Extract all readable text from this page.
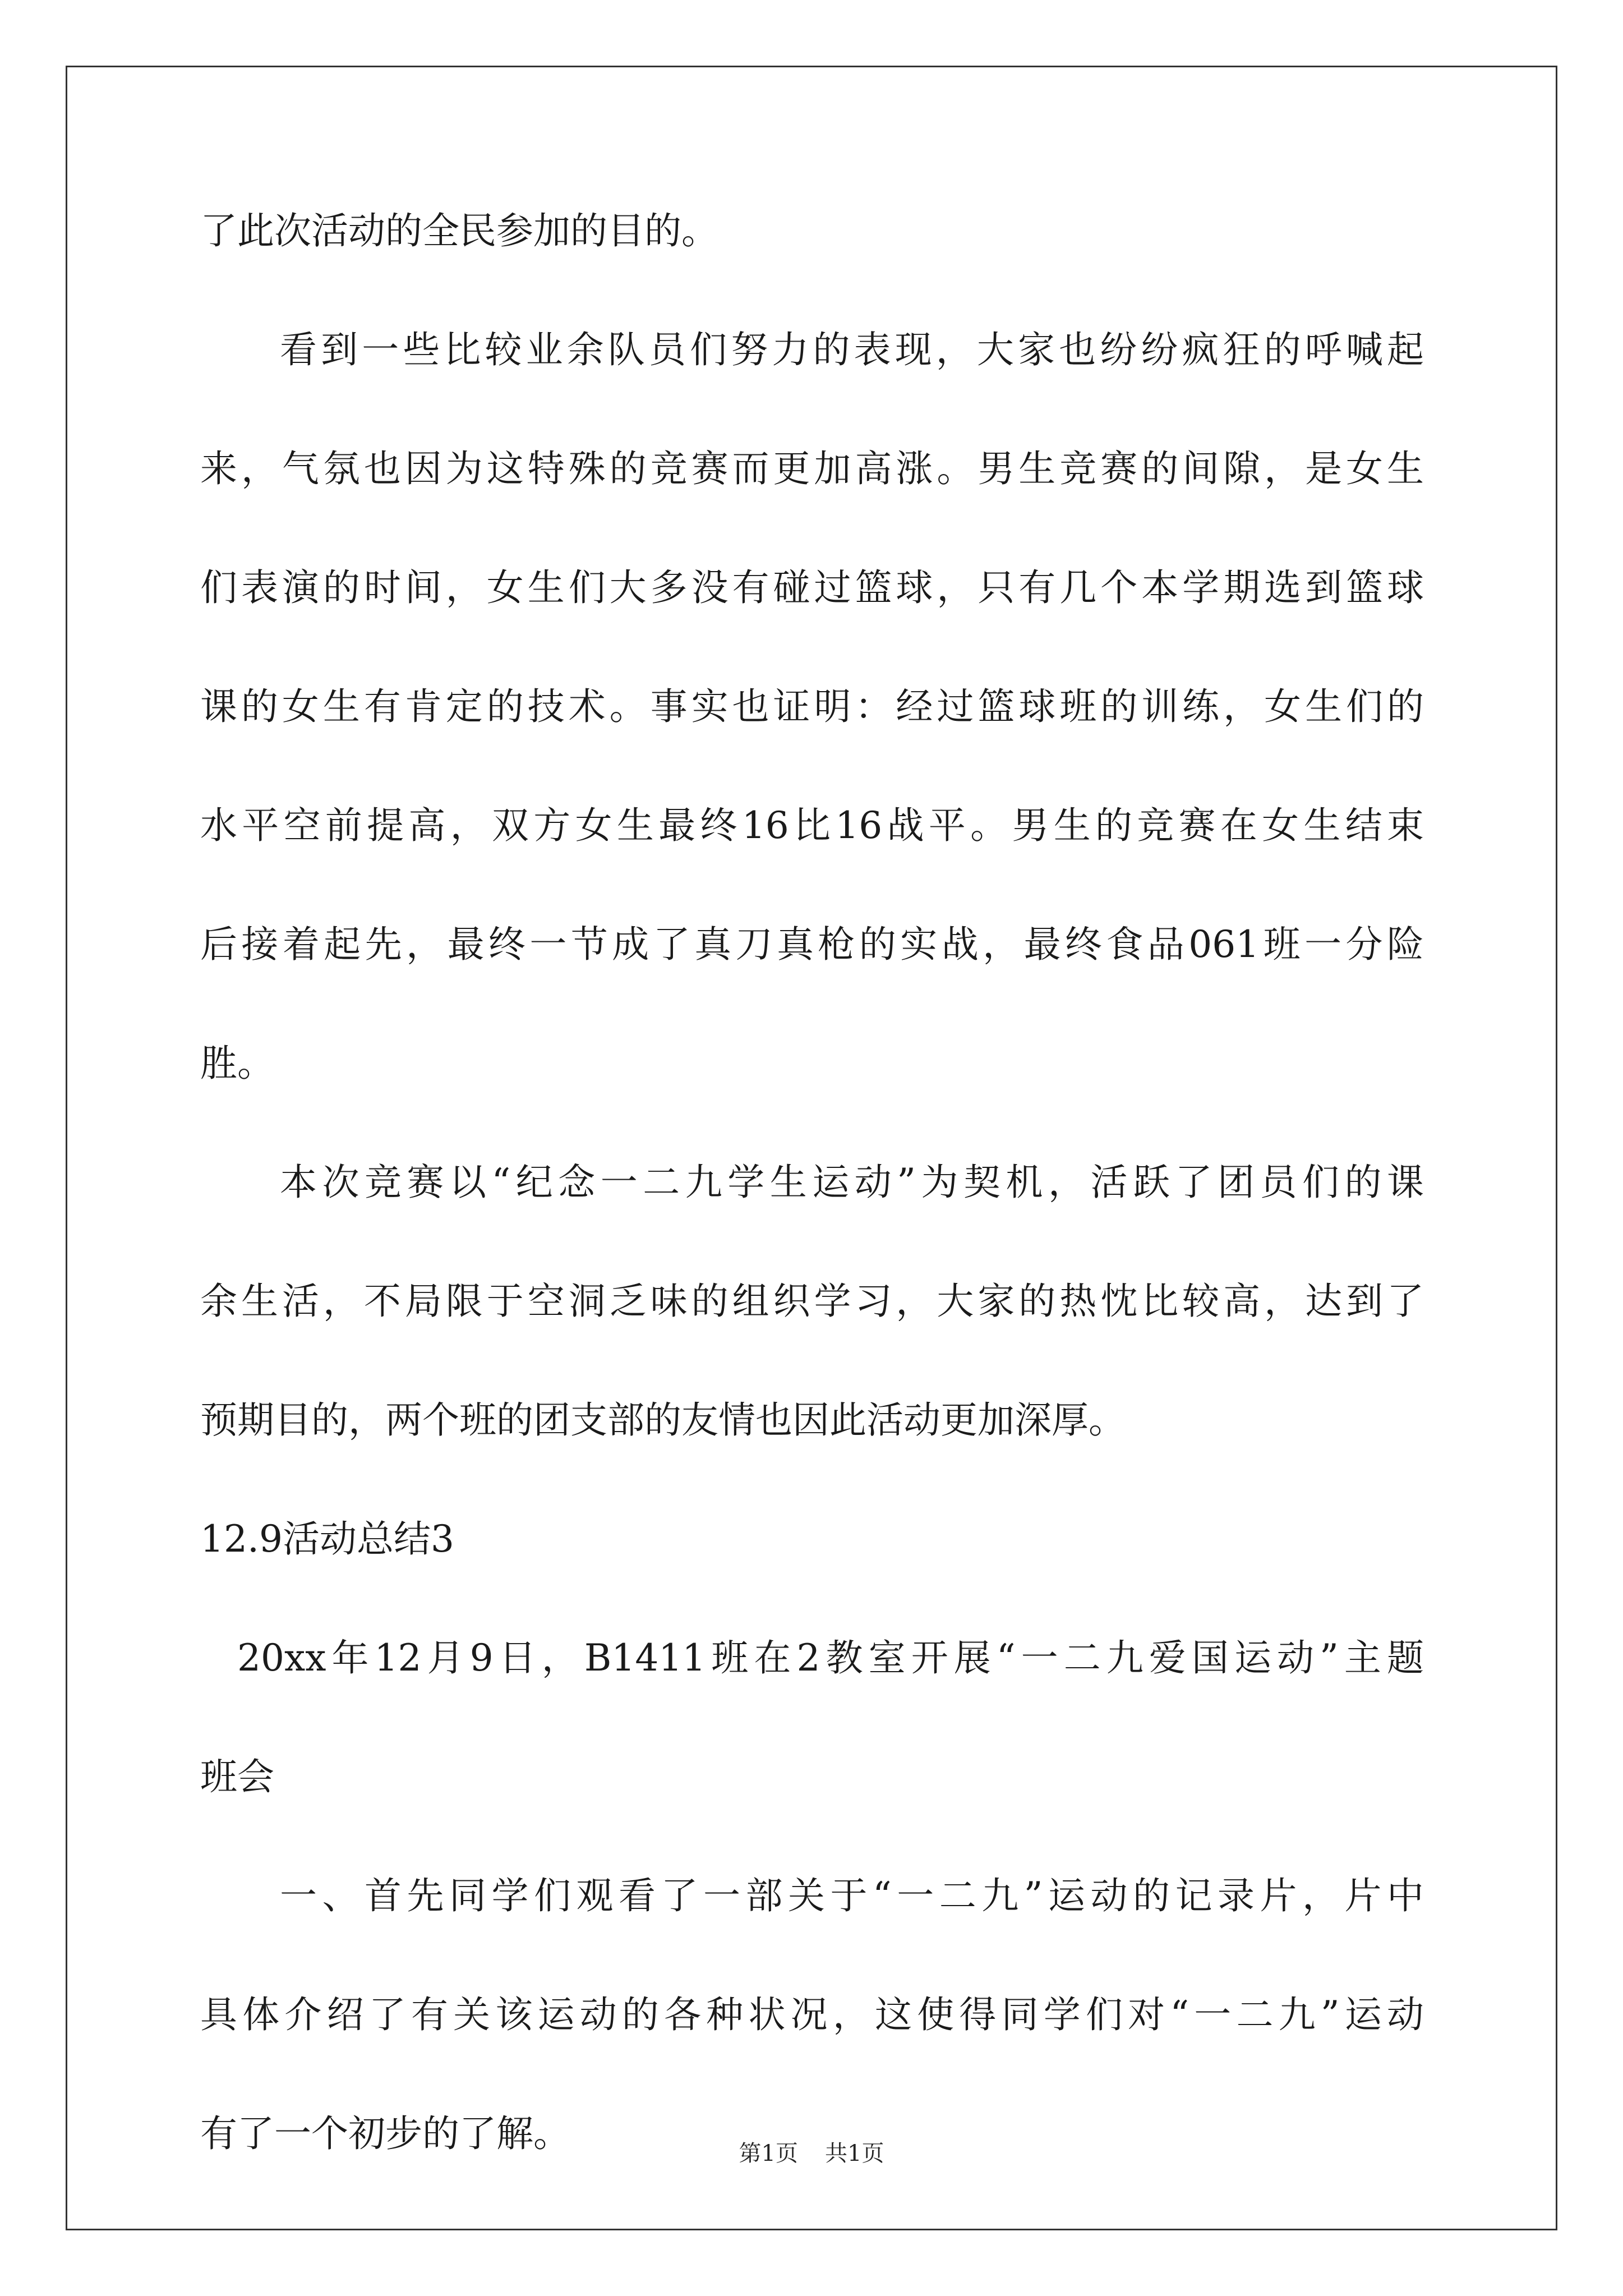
了此次活动的全民参加的目的。
看到一些比较业余队员们努力的表现，大家也纷纷疯狂的呼喊起
来，气氛也因为这特殊的竞赛而更加高涨。男生竞赛的间隙，是女生
们表演的时间，女生们大多没有碰过篮球，只有几个本学期选到篮球
课的女生有肯定的技术。事实也证明：经过篮球班的训练，女生们的
水平空前提高，双方女生最终16比16战平。男生的竞赛在女生结束
后接着起先，最终一节成了真刀真枪的实战，最终食品061班一分险
胜。
本次竞赛以“纪念一二九学生运动”为契机，活跃了团员们的课
余生活，不局限于空洞乏味的组织学习，大家的热忱比较高，达到了
预期目的，两个班的团支部的友情也因此活动更加深厚。
12.9活动总结3
20xx年12月9日，B1411班在2教室开展“一二九爱国运动”主题
班会
一、首先同学们观看了一部关于“一二九”运动的记录片，片中
具体介绍了有关该运动的各种状况，这使得同学们对“一二九”运动
有了一个初步的了解。	第1页 共1页
